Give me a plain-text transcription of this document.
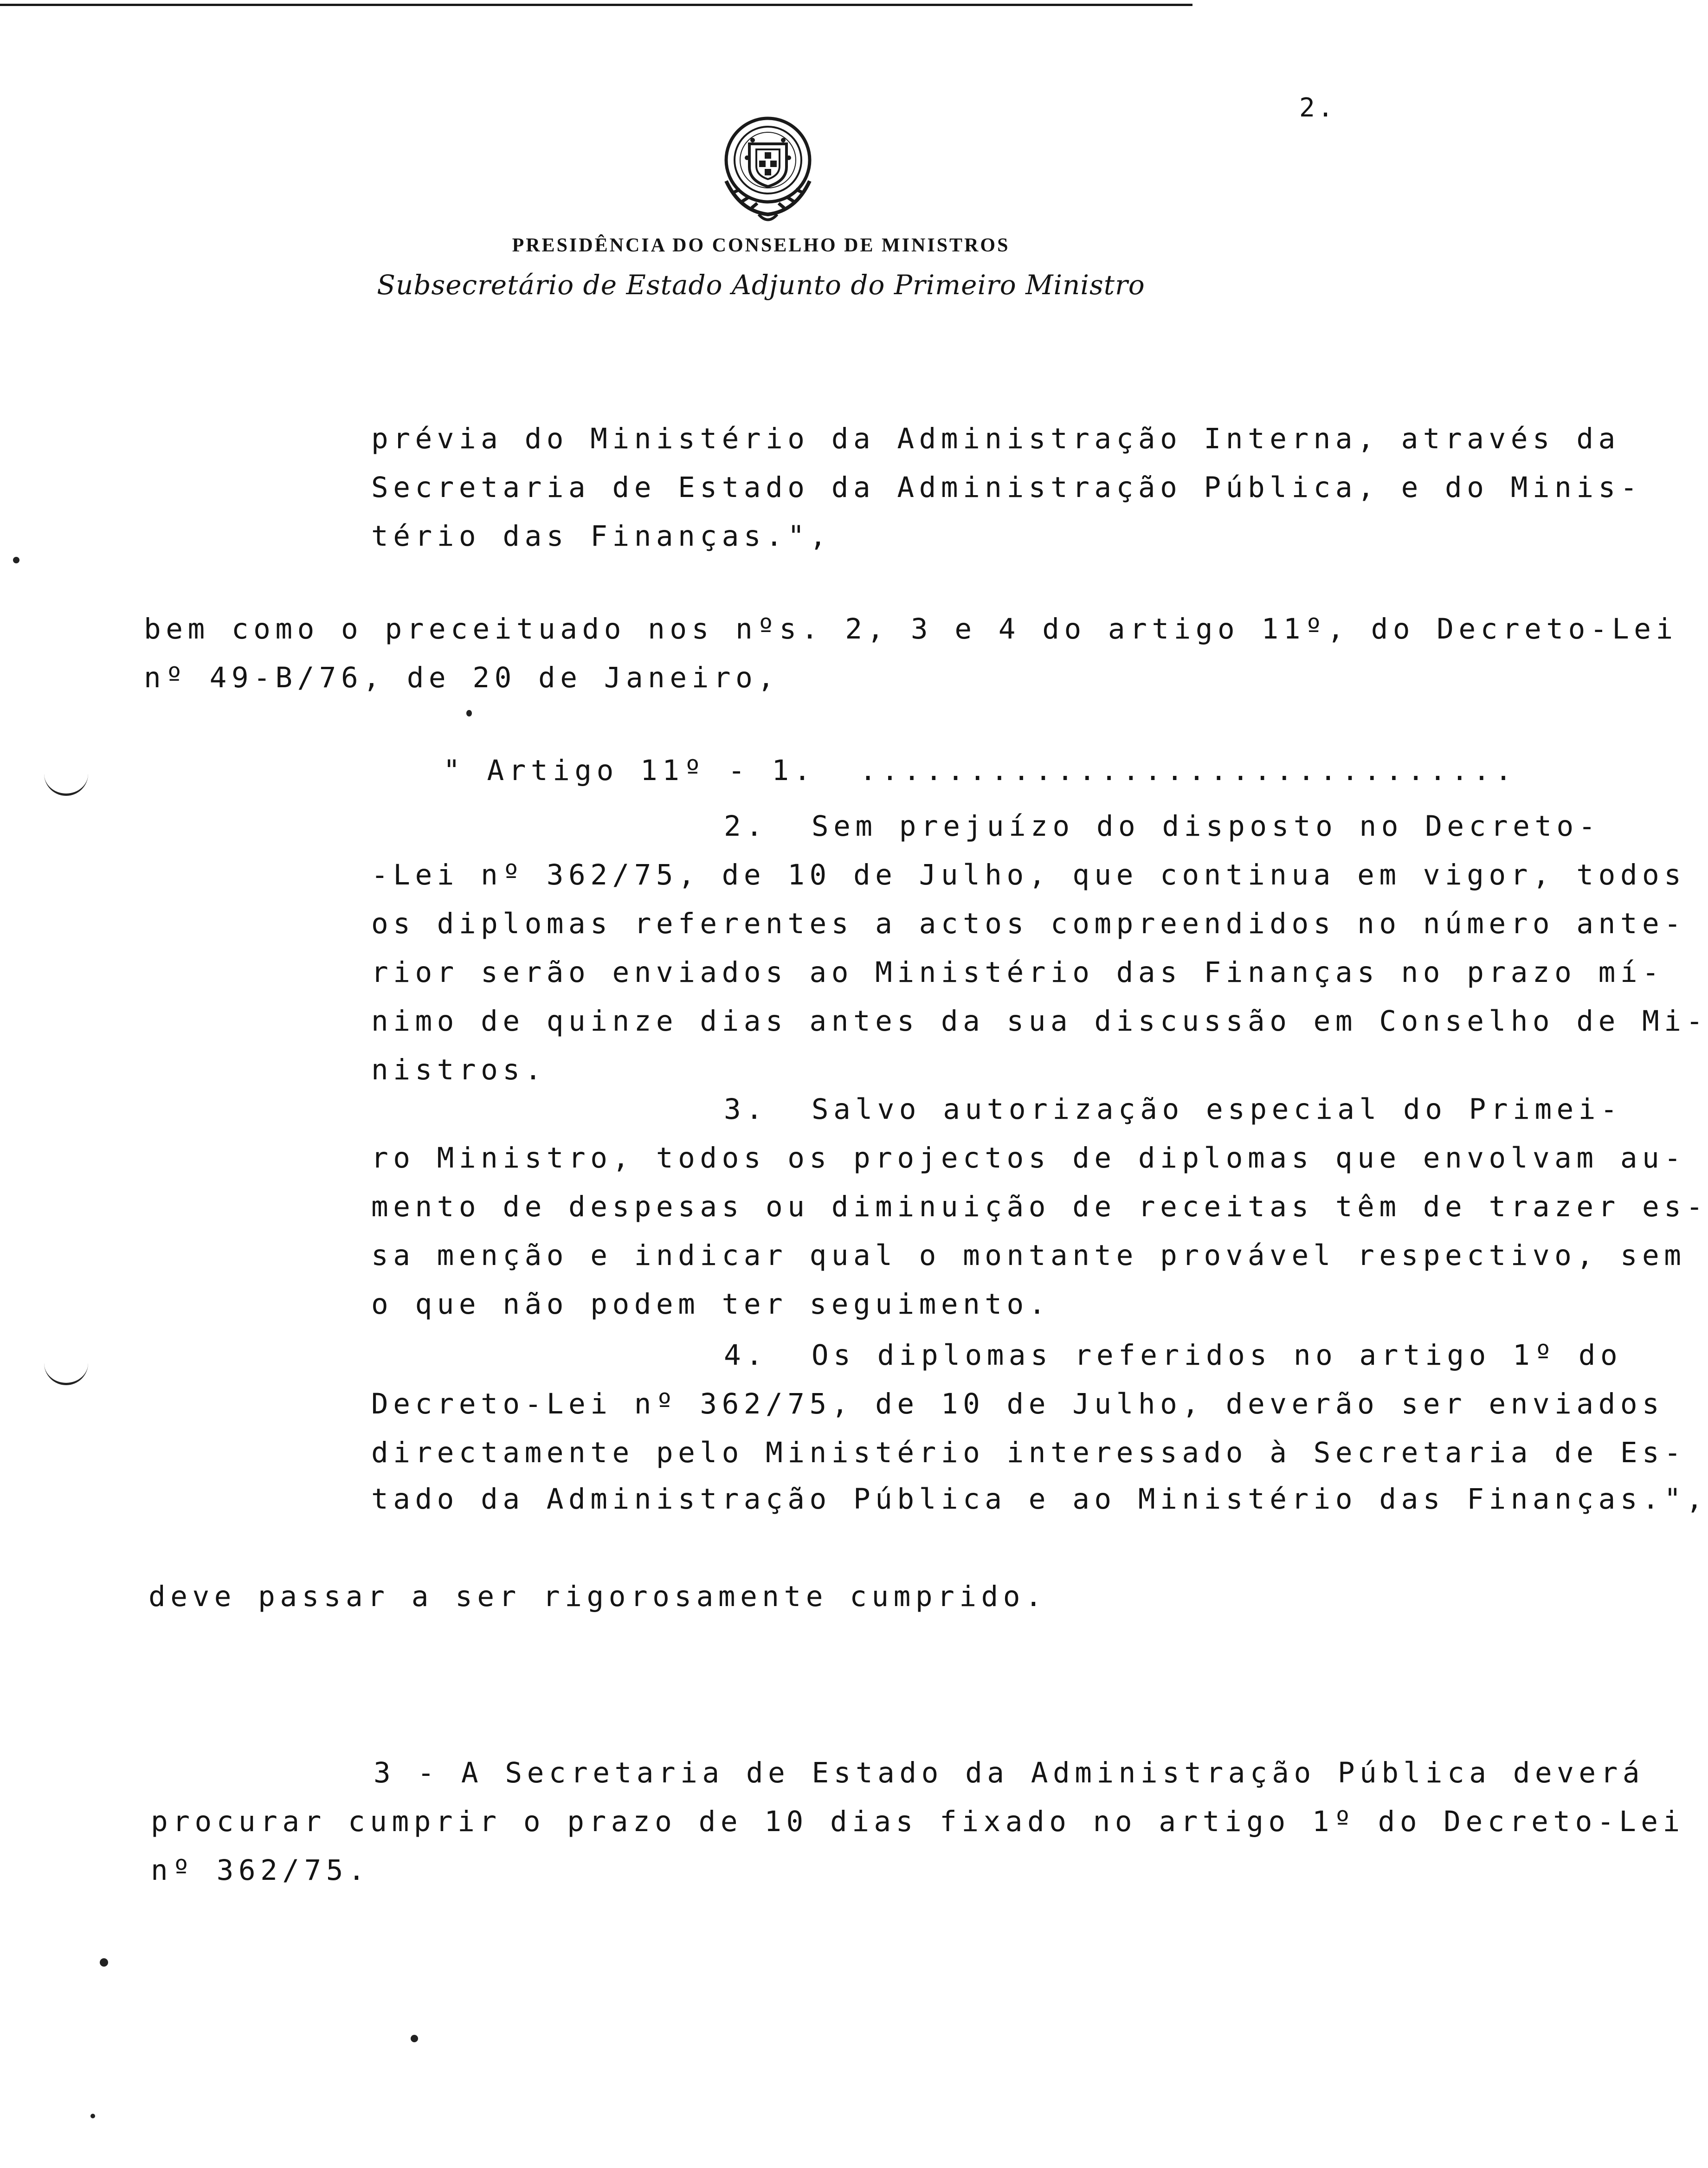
2.
PRESIDÊNCIA DO CONSELHO DE MINISTROS
Subsecretário de Estado Adjunto do Primeiro Ministro
prévia do Ministério da Administração Interna, através da
Secretaria de Estado da Administração Pública, e do Minis-
tério das Finanças.",
bem como o preceituado nos nºs. 2, 3 e 4 do artigo 11º, do Decreto-Lei
nº 49-B/76, de 20 de Janeiro,
" Artigo 11º - 1.  ..............................
2.  Sem prejuízo do disposto no Decreto-
-Lei nº 362/75, de 10 de Julho, que continua em vigor, todos
os diplomas referentes a actos compreendidos no número ante-
rior serão enviados ao Ministério das Finanças no prazo mí-
nimo de quinze dias antes da sua discussão em Conselho de Mi-
nistros.
3.  Salvo autorização especial do Primei-
ro Ministro, todos os projectos de diplomas que envolvam au-
mento de despesas ou diminuição de receitas têm de trazer es-
sa menção e indicar qual o montante provável respectivo, sem
o que não podem ter seguimento.
4.  Os diplomas referidos no artigo 1º do
Decreto-Lei nº 362/75, de 10 de Julho, deverão ser enviados
directamente pelo Ministério interessado à Secretaria de Es-
tado da Administração Pública e ao Ministério das Finanças.",
deve passar a ser rigorosamente cumprido.
3 - A Secretaria de Estado da Administração Pública deverá
procurar cumprir o prazo de 10 dias fixado no artigo 1º do Decreto-Lei
nº 362/75.
